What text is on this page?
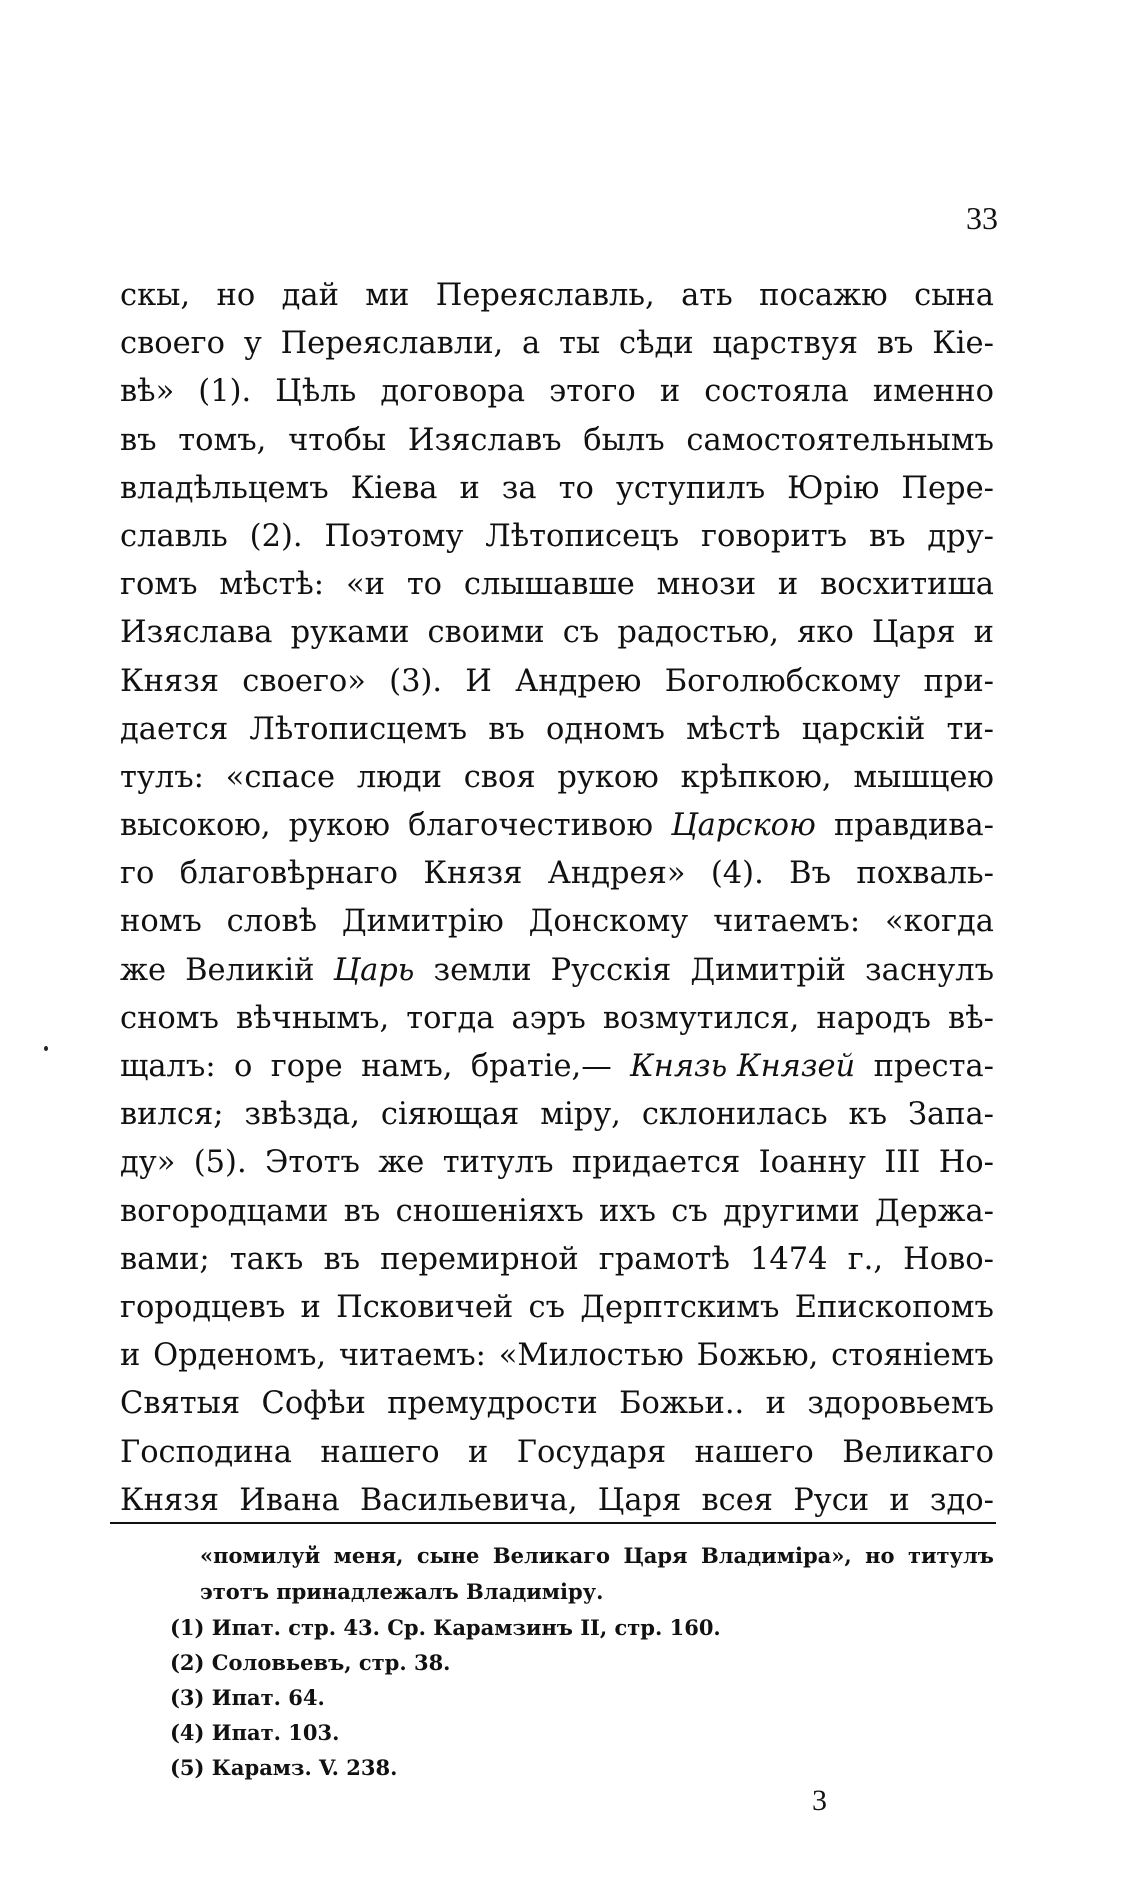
33
скы, но дай ми Переяславль, ать посажю сына
своего у Переяславли, а ты сѣди царствуя въ Кіе-
вѣ» (1). Цѣль договора этого и состояла именно
въ томъ, чтобы Изяславъ былъ самостоятельнымъ
владѣльцемъ Кіева и за то уступилъ Юрію Пере-
славль (2). Поэтому Лѣтописецъ говоритъ въ дру-
гомъ мѣстѣ: «и то слышавше мнози и восхитиша
Изяслава руками своими съ радостью, яко Царя и
Князя своего» (3). И Андрею Боголюбскому при-
дается Лѣтописцемъ въ одномъ мѣстѣ царскій ти-
тулъ: «спасе люди своя рукою крѣпкою, мышцею
высокою, рукою благочестивою Царскою правдива-
го благовѣрнаго Князя Андрея» (4). Въ похваль-
номъ словѣ Димитрію Донскому читаемъ: «когда
же Великій Царь земли Русскія Димитрій заснулъ
сномъ вѣчнымъ, тогда аэръ возмутился, народъ вѣ-
щалъ: о горе намъ, братіе,— Князь Князей преста-
вился; звѣзда, сіяющая міру, склонилась къ Запа-
ду» (5). Этотъ же титулъ придается Іоанну III Но-
вогородцами въ сношеніяхъ ихъ съ другими Держа-
вами; такъ въ перемирной грамотѣ 1474 г., Ново-
городцевъ и Псковичей съ Дерптскимъ Епископомъ
и Орденомъ, читаемъ: «Милостью Божью, стояніемъ
Святыя Софѣи премудрости Божьи.. и здоровьемъ
Господина нашего и Государя нашего Великаго
Князя Ивана Васильевича, Царя всея Руси и здо-
«помилуй меня, сыне Великаго Царя Владиміра», но титулъ
этотъ принадлежалъ Владиміру.
(1) Ипат. стр. 43. Ср. Карамзинъ II, стр. 160.
(2) Соловьевъ, стр. 38.
(3) Ипат. 64.
(4) Ипат. 103.
(5) Карамз. V. 238.
3
